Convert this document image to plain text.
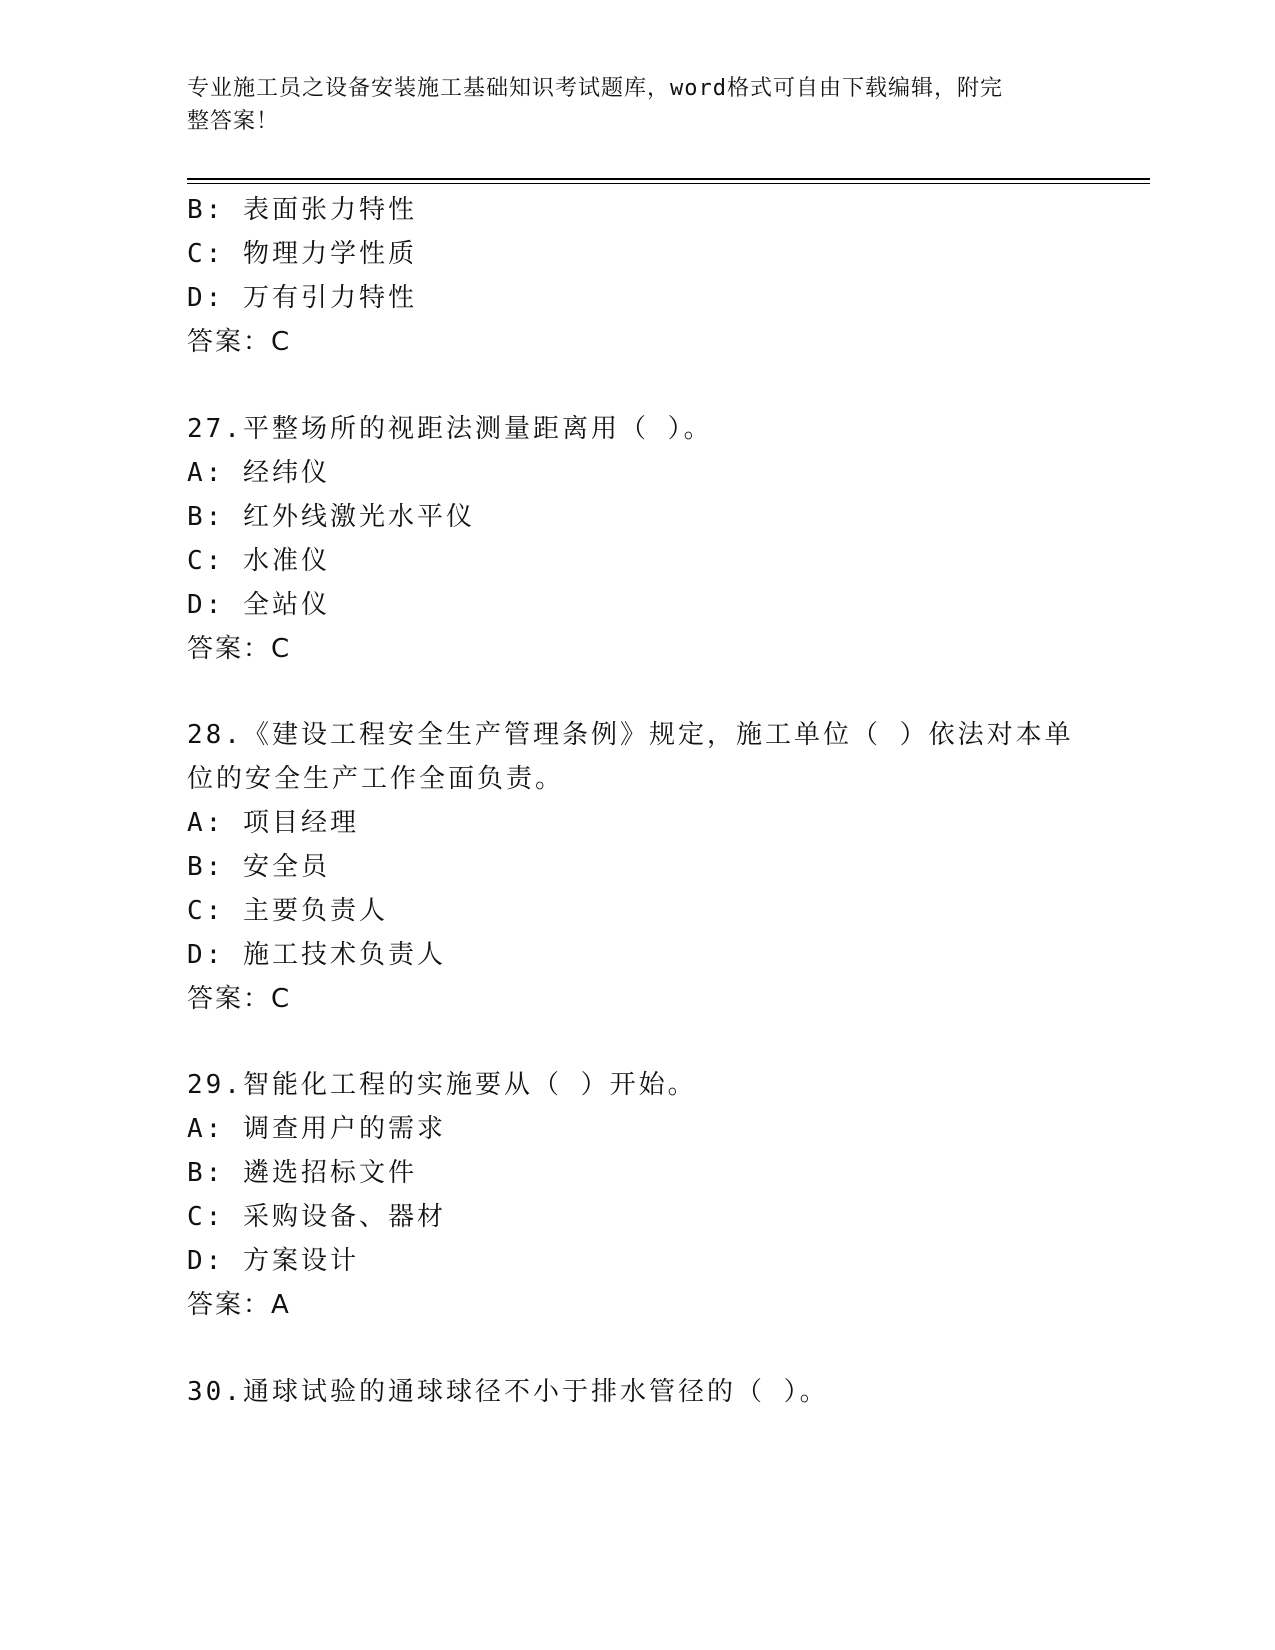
专业施工员之设备安装施工基础知识考试题库，word格式可自由下载编辑，附完
整答案！
B: 表面张力特性
C: 物理力学性质
D: 万有引力特性
答案：C
27.平整场所的视距法测量距离用（ ）。
A: 经纬仪
B: 红外线激光水平仪
C: 水准仪
D: 全站仪
答案：C
28.《建设工程安全生产管理条例》规定，施工单位（ ）依法对本单
位的安全生产工作全面负责。
A: 项目经理
B: 安全员
C: 主要负责人
D: 施工技术负责人
答案：C
29.智能化工程的实施要从（ ）开始。
A: 调查用户的需求
B: 遴选招标文件
C: 采购设备、器材
D: 方案设计
答案：A
30.通球试验的通球球径不小于排水管径的（ ）。
